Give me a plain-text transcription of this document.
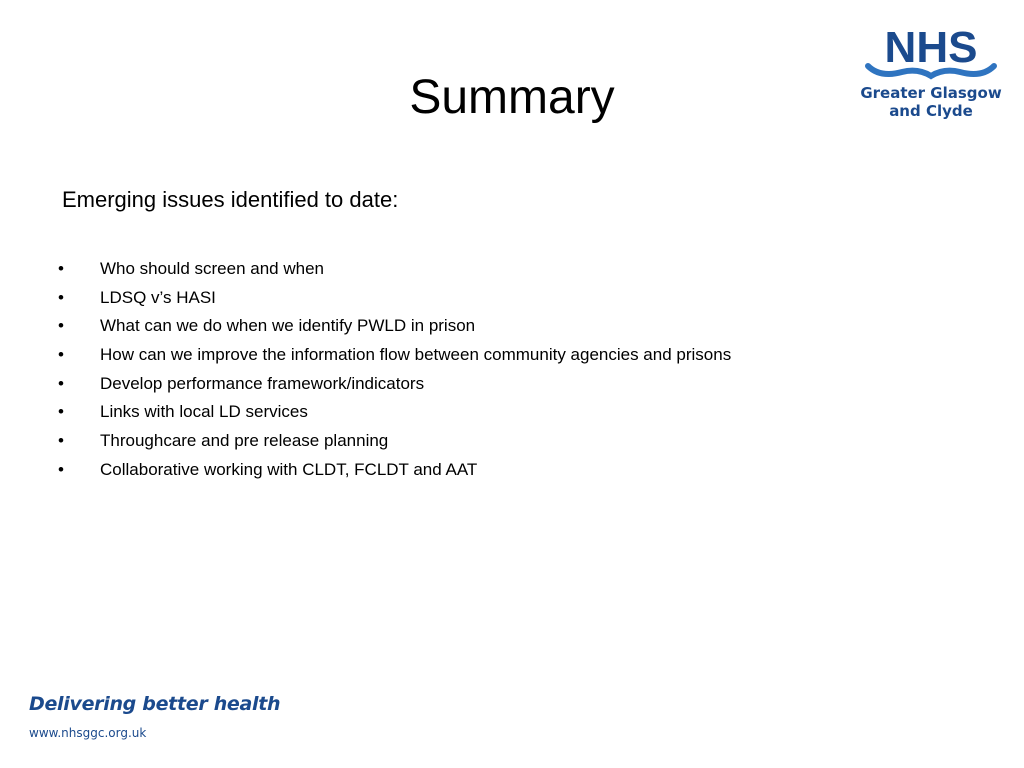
Summary
NHS
Greater Glasgow
and Clyde
Emerging issues identified to date:
•	Who should screen and when
•	LDSQ v’s HASI
•	What can we do when we identify PWLD in prison
•	How can we improve the information flow between community agencies and prisons
•	Develop performance framework/indicators
•	Links with local LD services
•	Throughcare and pre release planning
•	Collaborative working with CLDT, FCLDT and AAT
Delivering better health
www.nhsggc.org.uk
